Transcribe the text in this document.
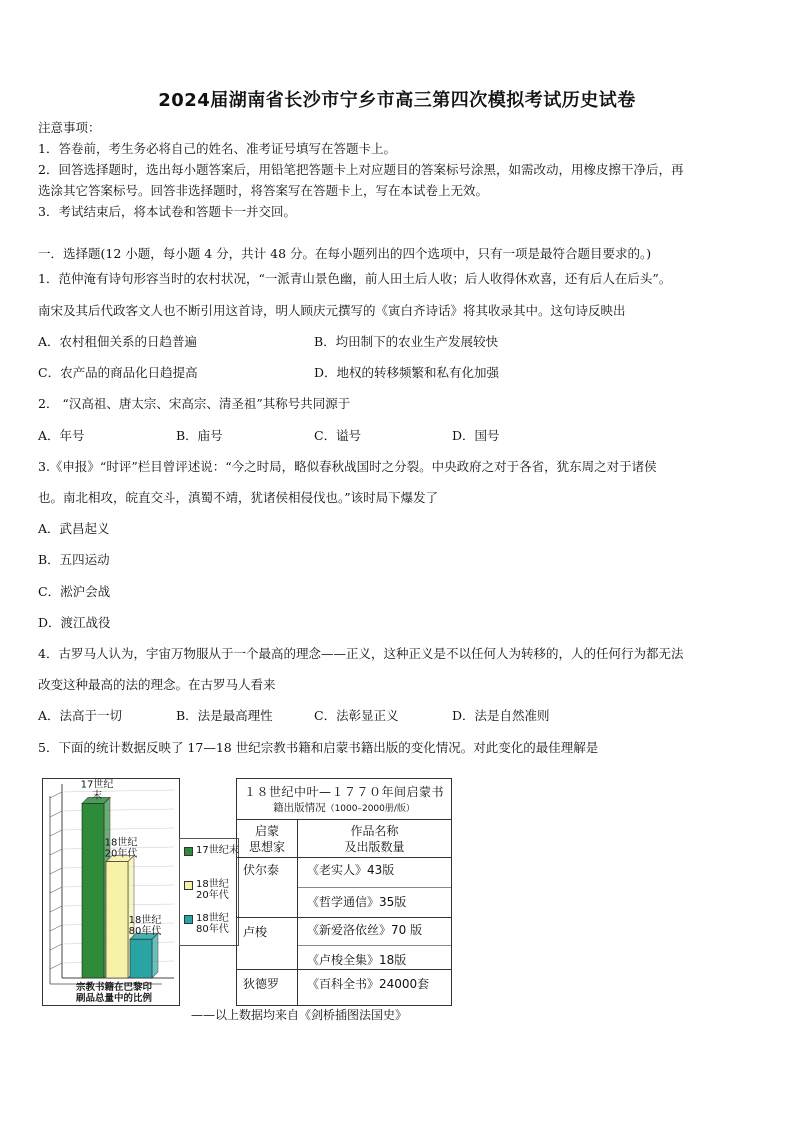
2024届湖南省长沙市宁乡市高三第四次模拟考试历史试卷
注意事项：
1．答卷前，考生务必将自己的姓名、准考证号填写在答题卡上。
2．回答选择题时，选出每小题答案后，用铅笔把答题卡上对应题目的答案标号涂黑，如需改动，用橡皮擦干净后，再
选涂其它答案标号。回答非选择题时，将答案写在答题卡上，写在本试卷上无效。
3．考试结束后，将本试卷和答题卡一并交回。
一．选择题(12 小题，每小题 4 分，共计 48 分。在每小题列出的四个选项中，只有一项是最符合题目要求的。)
1．范仲淹有诗句形容当时的农村状况，“一派青山景色幽，前人田土后人收；后人收得休欢喜，还有后人在后头”。
南宋及其后代政客文人也不断引用这首诗，明人顾庆元撰写的《寅白齐诗话》将其收录其中。这句诗反映出
A．农村租佃关系的日趋普遍	B．均田制下的农业生产发展较快
C．农产品的商品化日趋提高	D．地权的转移频繁和私有化加强
2． “汉高祖、唐太宗、宋高宗、清圣祖”其称号共同源于
A．年号	B．庙号	C．谥号	D．国号
3.《申报》“时评”栏目曾评述说：“今之时局，略似春秋战国时之分裂。中央政府之对于各省，犹东周之对于诸侯
也。南北相攻，皖直交斗，滇蜀不靖，犹诸侯相侵伐也。”该时局下爆发了
A．武昌起义
B．五四运动
C．淞沪会战
D．渡江战役
4．古罗马人认为，宇宙万物服从于一个最高的理念——正义，这种正义是不以任何人为转移的，人的任何行为都无法
改变这种最高的法的理念。在古罗马人看来
A．法高于一切	B．法是最高理性	C．法彰显正义	D．法是自然准则
5．下面的统计数据反映了 17—18 世纪宗教书籍和启蒙书籍出版的变化情况。对此变化的最佳理解是
17世纪末
18世纪 20年代
18世纪 80年代
宗教书籍在巴黎印刷品总量中的比例
17世纪末
18世纪20年代
18世纪80年代
１８世纪中叶—１７７０年间启蒙书
籍出版情况（1000–2000册/版）
启蒙
思想家
作品名称
及出版数量
伏尔泰 《老实人》43版
《哲学通信》35版
卢梭	《新爱洛依丝》70 版
《卢梭全集》18版
狄德罗 《百科全书》24000套
——以上数据均来自《剑桥插图法国史》
